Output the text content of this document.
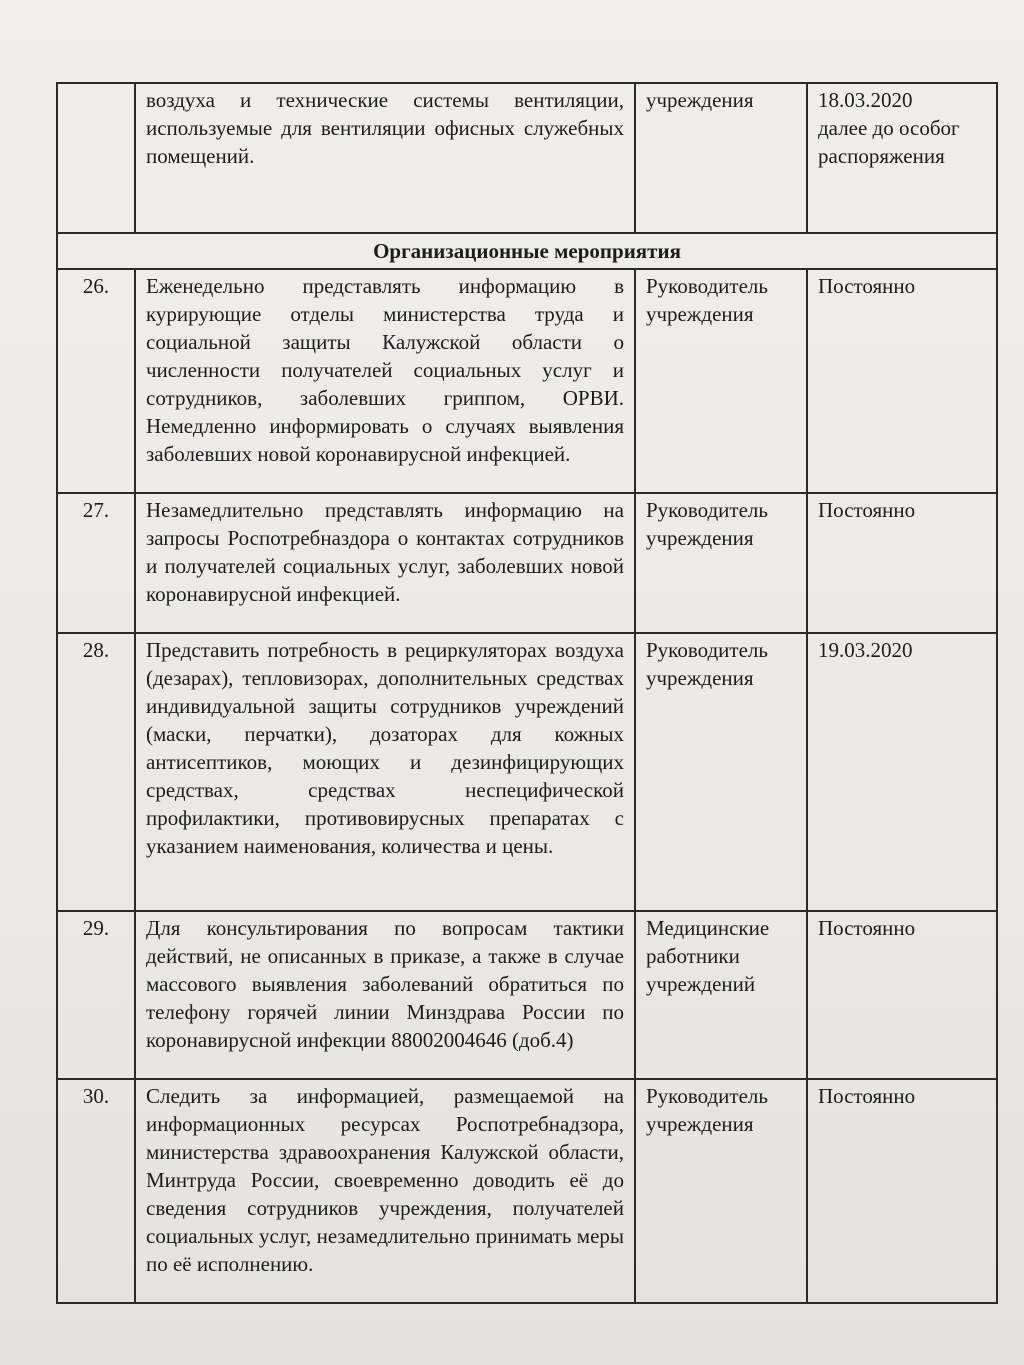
	воздуха и технические системы вентиляции, используемые для вентиляции офисных служебных помещений.	учреждения	18.03.2020
далее до особог
распоряжения

Организационные мероприятия			
26.	Еженедельно представлять информацию в курирующие отделы министерства труда и социальной защиты Калужской области о численности получателей социальных услуг и сотрудников, заболевших гриппом, ОРВИ. Немедленно информировать о случаях выявления заболевших новой коронавирусной инфекцией.	Руководитель учреждения	Постоянно
27.	Незамедлительно представлять информацию на запросы Роспотребназдора о контактах сотрудников и получателей социальных услуг, заболевших новой коронавирусной инфекцией.	Руководитель учреждения	Постоянно
28.	Представить потребность в рециркуляторах воздуха (дезарах), тепловизорах, дополнительных средствах индивидуальной защиты сотрудников учреждений (маски, перчатки), дозаторах для кожных антисептиков, моющих и дезинфицирующих средствах, средствах неспецифической профилактики, противовирусных препаратах с указанием наименования, количества и цены.	Руководитель учреждения	19.03.2020
29.	Для консультирования по вопросам тактики действий, не описанных в приказе, а также в случае массового выявления заболеваний обратиться по телефону горячей линии Минздрава России по коронавирусной инфекции 88002004646 (доб.4)	Медицинские работники учреждений	Постоянно
30.	Следить за информацией, размещаемой на информационных ресурсах Роспотребнадзора, министерства здравоохранения Калужской области, Минтруда России, своевременно доводить её до сведения сотрудников учреждения, получателей социальных услуг, незамедлительно принимать меры по её исполнению.	Руководитель учреждения	Постоянно
